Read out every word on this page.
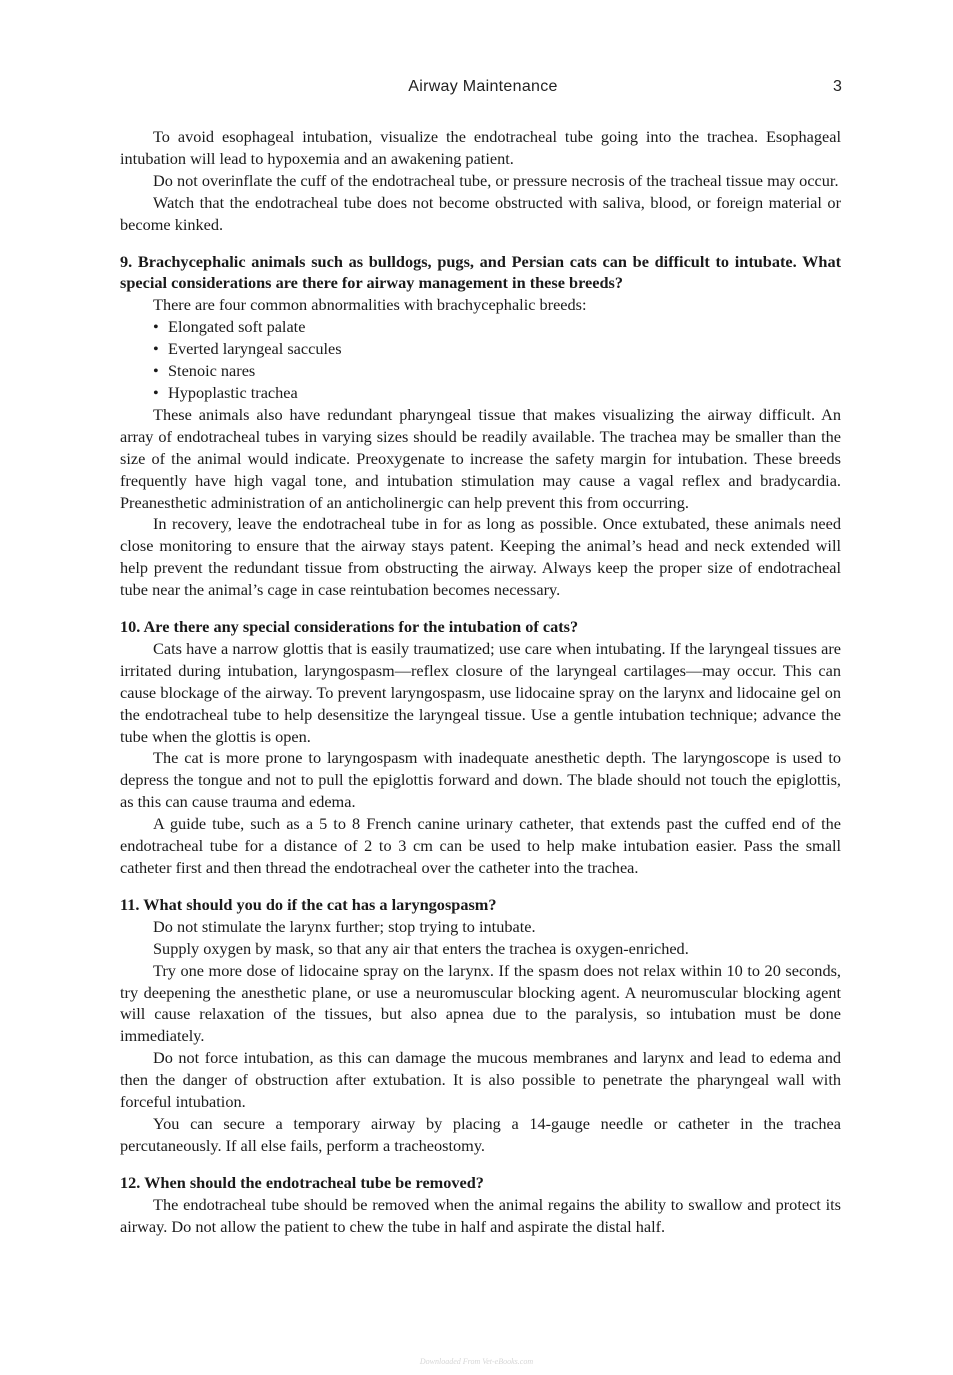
Airway Maintenance	3

To avoid esophageal intubation, visualize the endotracheal tube going into the trachea. Esophageal intubation will lead to hypoxemia and an awakening patient.

Do not overinflate the cuff of the endotracheal tube, or pressure necrosis of the tracheal tissue may occur.

Watch that the endotracheal tube does not become obstructed with saliva, blood, or foreign material or become kinked.

9. Brachycephalic animals such as bulldogs, pugs, and Persian cats can be difficult to intubate. What special considerations are there for airway management in these breeds?

There are four common abnormalities with brachycephalic breeds:

• Elongated soft palate
• Everted laryngeal saccules
• Stenoic nares
• Hypoplastic trachea

These animals also have redundant pharyngeal tissue that makes visualizing the airway difficult. An array of endotracheal tubes in varying sizes should be readily available. The trachea may be smaller than the size of the animal would indicate. Preoxygenate to increase the safety margin for intubation. These breeds frequently have high vagal tone, and intubation stimulation may cause a vagal reflex and bradycardia. Preanesthetic administration of an anticholinergic can help prevent this from occurring.

In recovery, leave the endotracheal tube in for as long as possible. Once extubated, these animals need close monitoring to ensure that the airway stays patent. Keeping the animal’s head and neck extended will help prevent the redundant tissue from obstructing the airway. Always keep the proper size of endotracheal tube near the animal’s cage in case reintubation becomes necessary.

10. Are there any special considerations for the intubation of cats?

Cats have a narrow glottis that is easily traumatized; use care when intubating. If the laryngeal tissues are irritated during intubation, laryngospasm—reflex closure of the laryngeal cartilages—may occur. This can cause blockage of the airway. To prevent laryngospasm, use lidocaine spray on the larynx and lidocaine gel on the endotracheal tube to help desensitize the laryngeal tissue. Use a gentle intubation technique; advance the tube when the glottis is open.

The cat is more prone to laryngospasm with inadequate anesthetic depth. The laryngoscope is used to depress the tongue and not to pull the epiglottis forward and down. The blade should not touch the epiglottis, as this can cause trauma and edema.

A guide tube, such as a 5 to 8 French canine urinary catheter, that extends past the cuffed end of the endotracheal tube for a distance of 2 to 3 cm can be used to help make intubation easier. Pass the small catheter first and then thread the endotracheal over the catheter into the trachea.

11. What should you do if the cat has a laryngospasm?

Do not stimulate the larynx further; stop trying to intubate.

Supply oxygen by mask, so that any air that enters the trachea is oxygen-enriched.

Try one more dose of lidocaine spray on the larynx. If the spasm does not relax within 10 to 20 seconds, try deepening the anesthetic plane, or use a neuromuscular blocking agent. A neuromuscular blocking agent will cause relaxation of the tissues, but also apnea due to the paralysis, so intubation must be done immediately.

Do not force intubation, as this can damage the mucous membranes and larynx and lead to edema and then the danger of obstruction after extubation. It is also possible to penetrate the pharyngeal wall with forceful intubation.

You can secure a temporary airway by placing a 14-gauge needle or catheter in the trachea percutaneously. If all else fails, perform a tracheostomy.

12. When should the endotracheal tube be removed?

The endotracheal tube should be removed when the animal regains the ability to swallow and protect its airway. Do not allow the patient to chew the tube in half and aspirate the distal half.

Downloaded From Vet-eBooks.com
